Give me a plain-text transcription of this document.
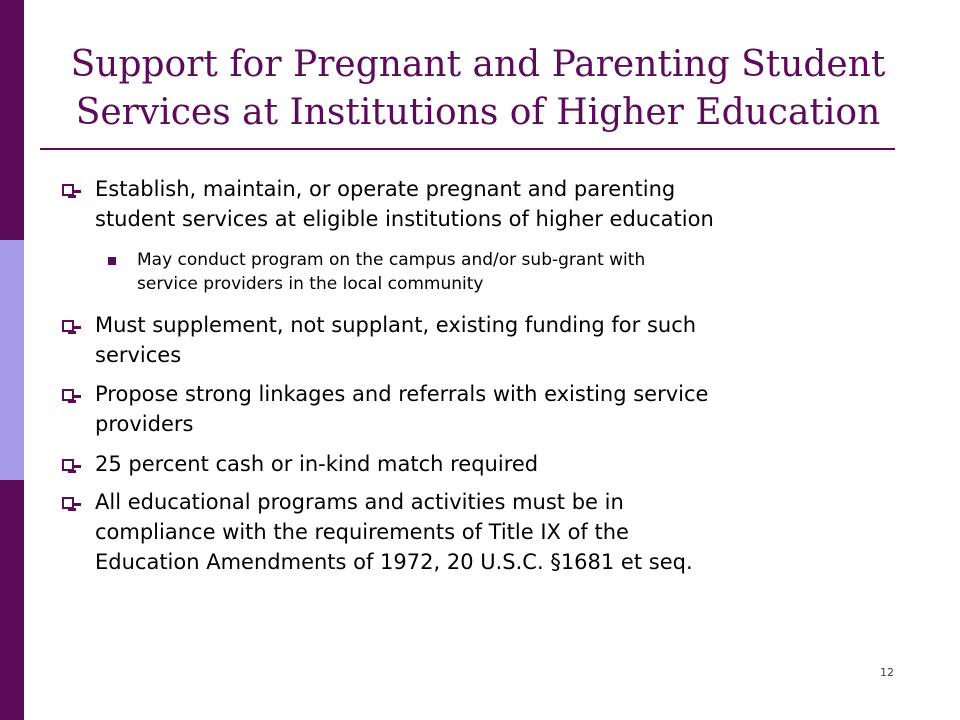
Support for Pregnant and Parenting Student
Services at Institutions of Higher Education
Establish, maintain, or operate pregnant and parenting
student services at eligible institutions of higher education
May conduct program on the campus and/or sub-grant with
service providers in the local community
Must supplement, not supplant, existing funding for such
services
Propose strong linkages and referrals with existing service
providers
25 percent cash or in-kind match required
All educational programs and activities must be in
compliance with the requirements of Title IX of the
Education Amendments of 1972, 20 U.S.C. §1681 et seq.
12
